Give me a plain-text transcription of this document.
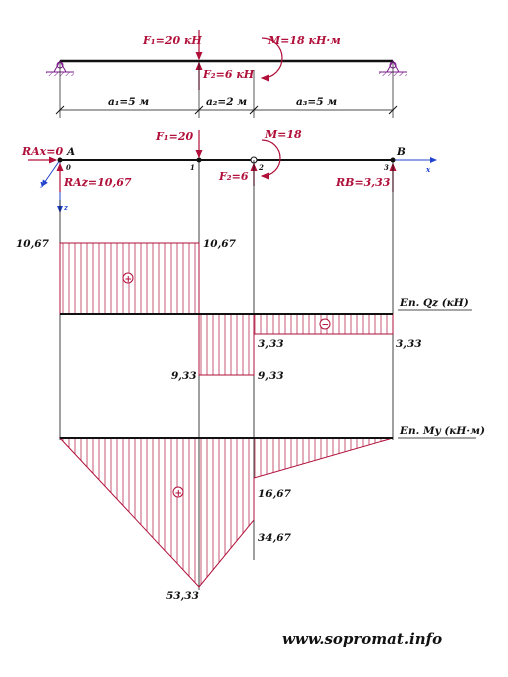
F₁=20 кН
F₂=6 кН
M=18 кН·м
a₁=5 м	a₂=2 м	a₃=5 м
x
z
y
0	1	2	3
A	B
RAx=0
RAz=10,67	RB=3,33
F₁=20
F₂=6
M=18
10,67	10,67
9,33	9,33
3,33	3,33
+
−
Еп. Qz (кН)
53,33
34,67
16,67
+
Еп. My (кН·м)
www.sopromat.info
